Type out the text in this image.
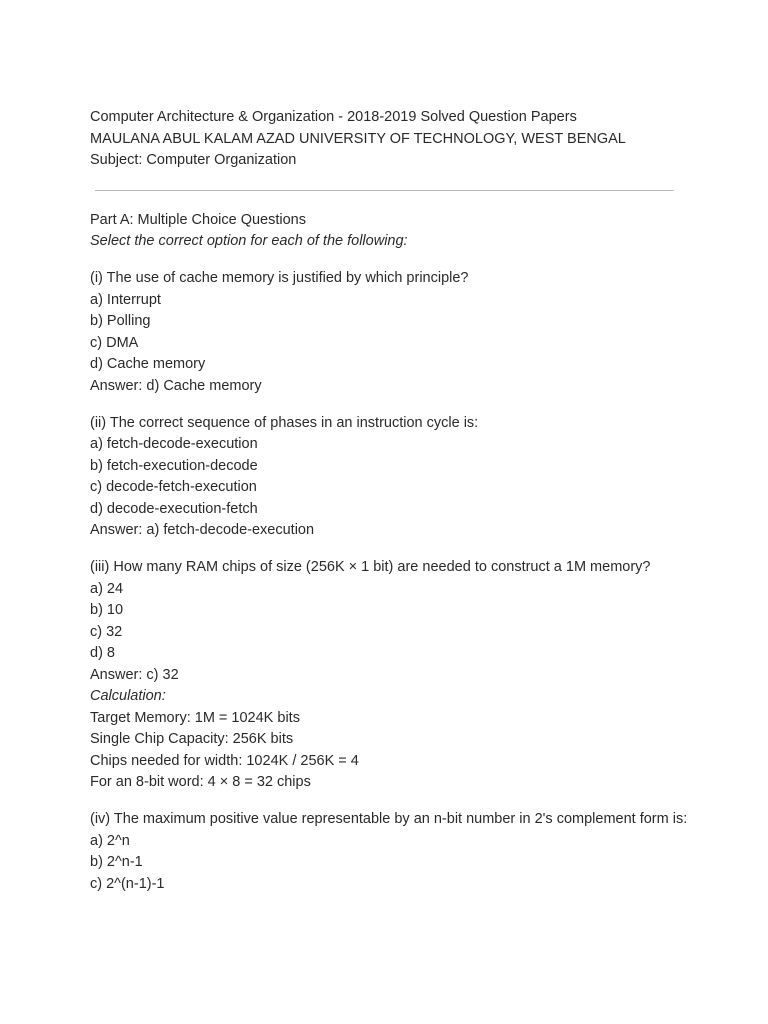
Computer Architecture & Organization - 2018-2019 Solved Question Papers
MAULANA ABUL KALAM AZAD UNIVERSITY OF TECHNOLOGY, WEST BENGAL
Subject: Computer Organization
Part A: Multiple Choice Questions
Select the correct option for each of the following:
(i) The use of cache memory is justified by which principle?
a) Interrupt
b) Polling
c) DMA
d) Cache memory
Answer: d) Cache memory
(ii) The correct sequence of phases in an instruction cycle is:
a) fetch-decode-execution
b) fetch-execution-decode
c) decode-fetch-execution
d) decode-execution-fetch
Answer: a) fetch-decode-execution
(iii) How many RAM chips of size (256K × 1 bit) are needed to construct a 1M memory?
a) 24
b) 10
c) 32
d) 8
Answer: c) 32
Calculation:
Target Memory: 1M = 1024K bits
Single Chip Capacity: 256K bits
Chips needed for width: 1024K / 256K = 4
For an 8-bit word: 4 × 8 = 32 chips
(iv) The maximum positive value representable by an n-bit number in 2's complement form is:
a) 2^n
b) 2^n-1
c) 2^(n-1)-1
